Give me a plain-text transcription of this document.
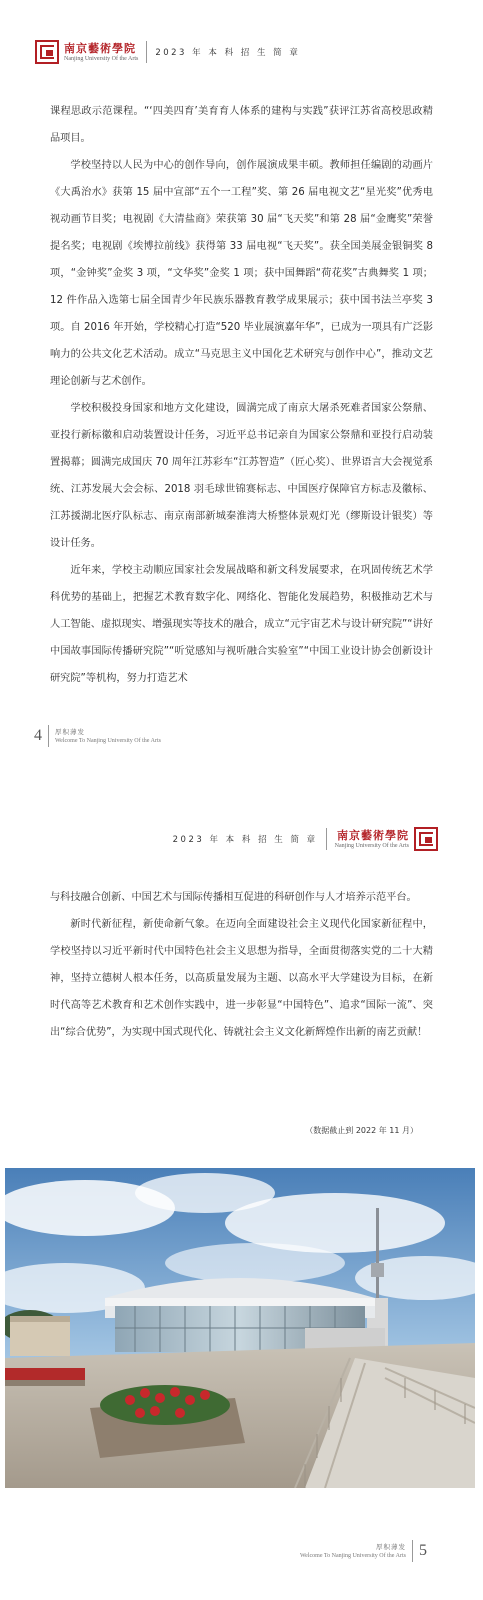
南京藝術學院
Nanjing University Of the Arts
2023 年 本 科 招 生 简 章

课程思政示范课程。“‘四美四育’美育育人体系的建构与实践”获评江苏省高校思政精品项目。

学校坚持以人民为中心的创作导向，创作展演成果丰硕。教师担任编剧的动画片《大禹治水》获第 15 届中宣部“五个一工程”奖、第 26 届电视文艺“星光奖”优秀电视动画节目奖；电视剧《大清盐商》荣获第 30 届“飞天奖”和第 28 届“金鹰奖”荣誉提名奖；电视剧《埃博拉前线》获得第 33 届电视“飞天奖”。获全国美展金银铜奖 8 项，“金钟奖”金奖 3 项，“文华奖”金奖 1 项；获中国舞蹈“荷花奖”古典舞奖 1 项；12 件作品入选第七届全国青少年民族乐器教育教学成果展示；获中国书法兰亭奖 3 项。自 2016 年开始，学校精心打造“520 毕业展演嘉年华”，已成为一项具有广泛影响力的公共文化艺术活动。成立“马克思主义中国化艺术研究与创作中心”，推动文艺理论创新与艺术创作。

学校积极投身国家和地方文化建设，圆满完成了南京大屠杀死难者国家公祭鼎、亚投行新标徽和启动装置设计任务，习近平总书记亲自为国家公祭鼎和亚投行启动装置揭幕；圆满完成国庆 70 周年江苏彩车“江苏智造”（匠心奖）、世界语言大会视觉系统、江苏发展大会会标、2018 羽毛球世锦赛标志、中国医疗保障官方标志及徽标、江苏援湖北医疗队标志、南京南部新城秦淮湾大桥整体景观灯光（缪斯设计银奖）等设计任务。

近年来，学校主动顺应国家社会发展战略和新文科发展要求，在巩固传统艺术学科优势的基础上，把握艺术教育数字化、网络化、智能化发展趋势，积极推动艺术与人工智能、虚拟现实、增强现实等技术的融合，成立“元宇宙艺术与设计研究院”“讲好中国故事国际传播研究院”“听觉感知与视听融合实验室”“中国工业设计协会创新设计研究院”等机构，努力打造艺术

4 厚积薄发
Welcome To Nanjing University Of the Arts
2023 年 本 科 招 生 简 章 南京藝術學院
Nanjing University Of the Arts

与科技融合创新、中国艺术与国际传播相互促进的科研创作与人才培养示范平台。

新时代新征程，新使命新气象。在迈向全面建设社会主义现代化国家新征程中，学校坚持以习近平新时代中国特色社会主义思想为指导，全面贯彻落实党的二十大精神，坚持立德树人根本任务，以高质量发展为主题、以高水平大学建设为目标，在新时代高等艺术教育和艺术创作实践中，进一步彰显“中国特色”、追求“国际一流”、突出“综合优势”，为实现中国式现代化、铸就社会主义文化新辉煌作出新的南艺贡献！

（数据截止到 2022 年 11 月）
厚积薄发
Welcome To Nanjing University Of the Arts 5
